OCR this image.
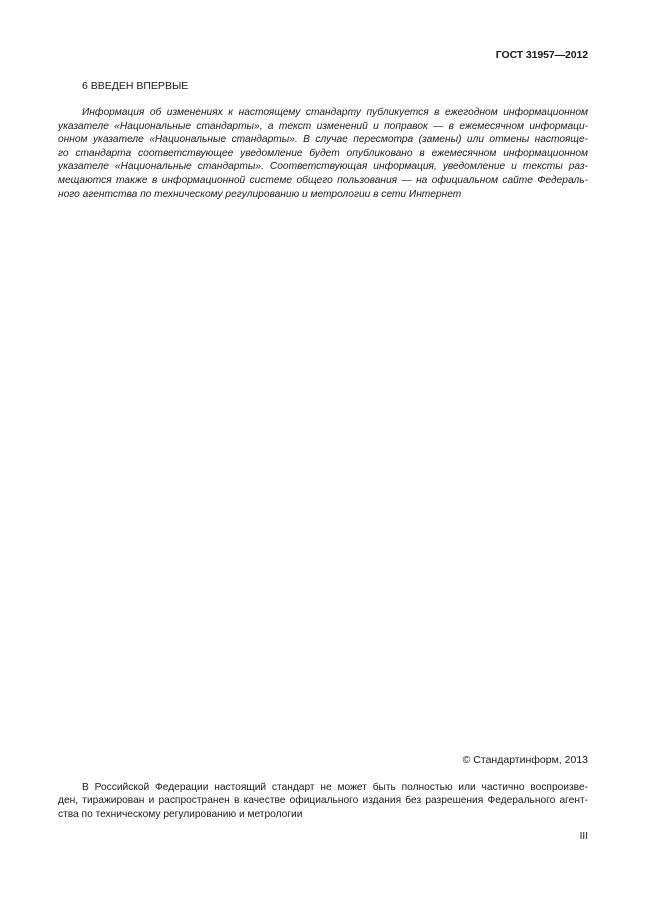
ГОСТ 31957—2012
6 ВВЕДЕН ВПЕРВЫЕ
Информация об изменениях к настоящему стандарту публикуется в ежегодном информационном
указателе «Национальные стандарты», а текст изменений и поправок — в ежемесячном информаци-
онном указателе «Национальные стандарты». В случае пересмотра (замены) или отмены настояще-
го стандарта соответствующее уведомление будет опубликовано в ежемесячном информационном
указателе «Национальные стандарты». Соответствующая информация, уведомление и тексты раз-
мещаются также в информационной системе общего пользования — на официальном сайте Федераль-
ного агентства по техническому регулированию и метрологии в сети Интернет
© Стандартинформ, 2013
В Российской Федерации настоящий стандарт не может быть полностью или частично воспроизве-
ден, тиражирован и распространен в качестве официального издания без разрешения Федерального агент-
ства по техническому регулированию и метрологии
III
